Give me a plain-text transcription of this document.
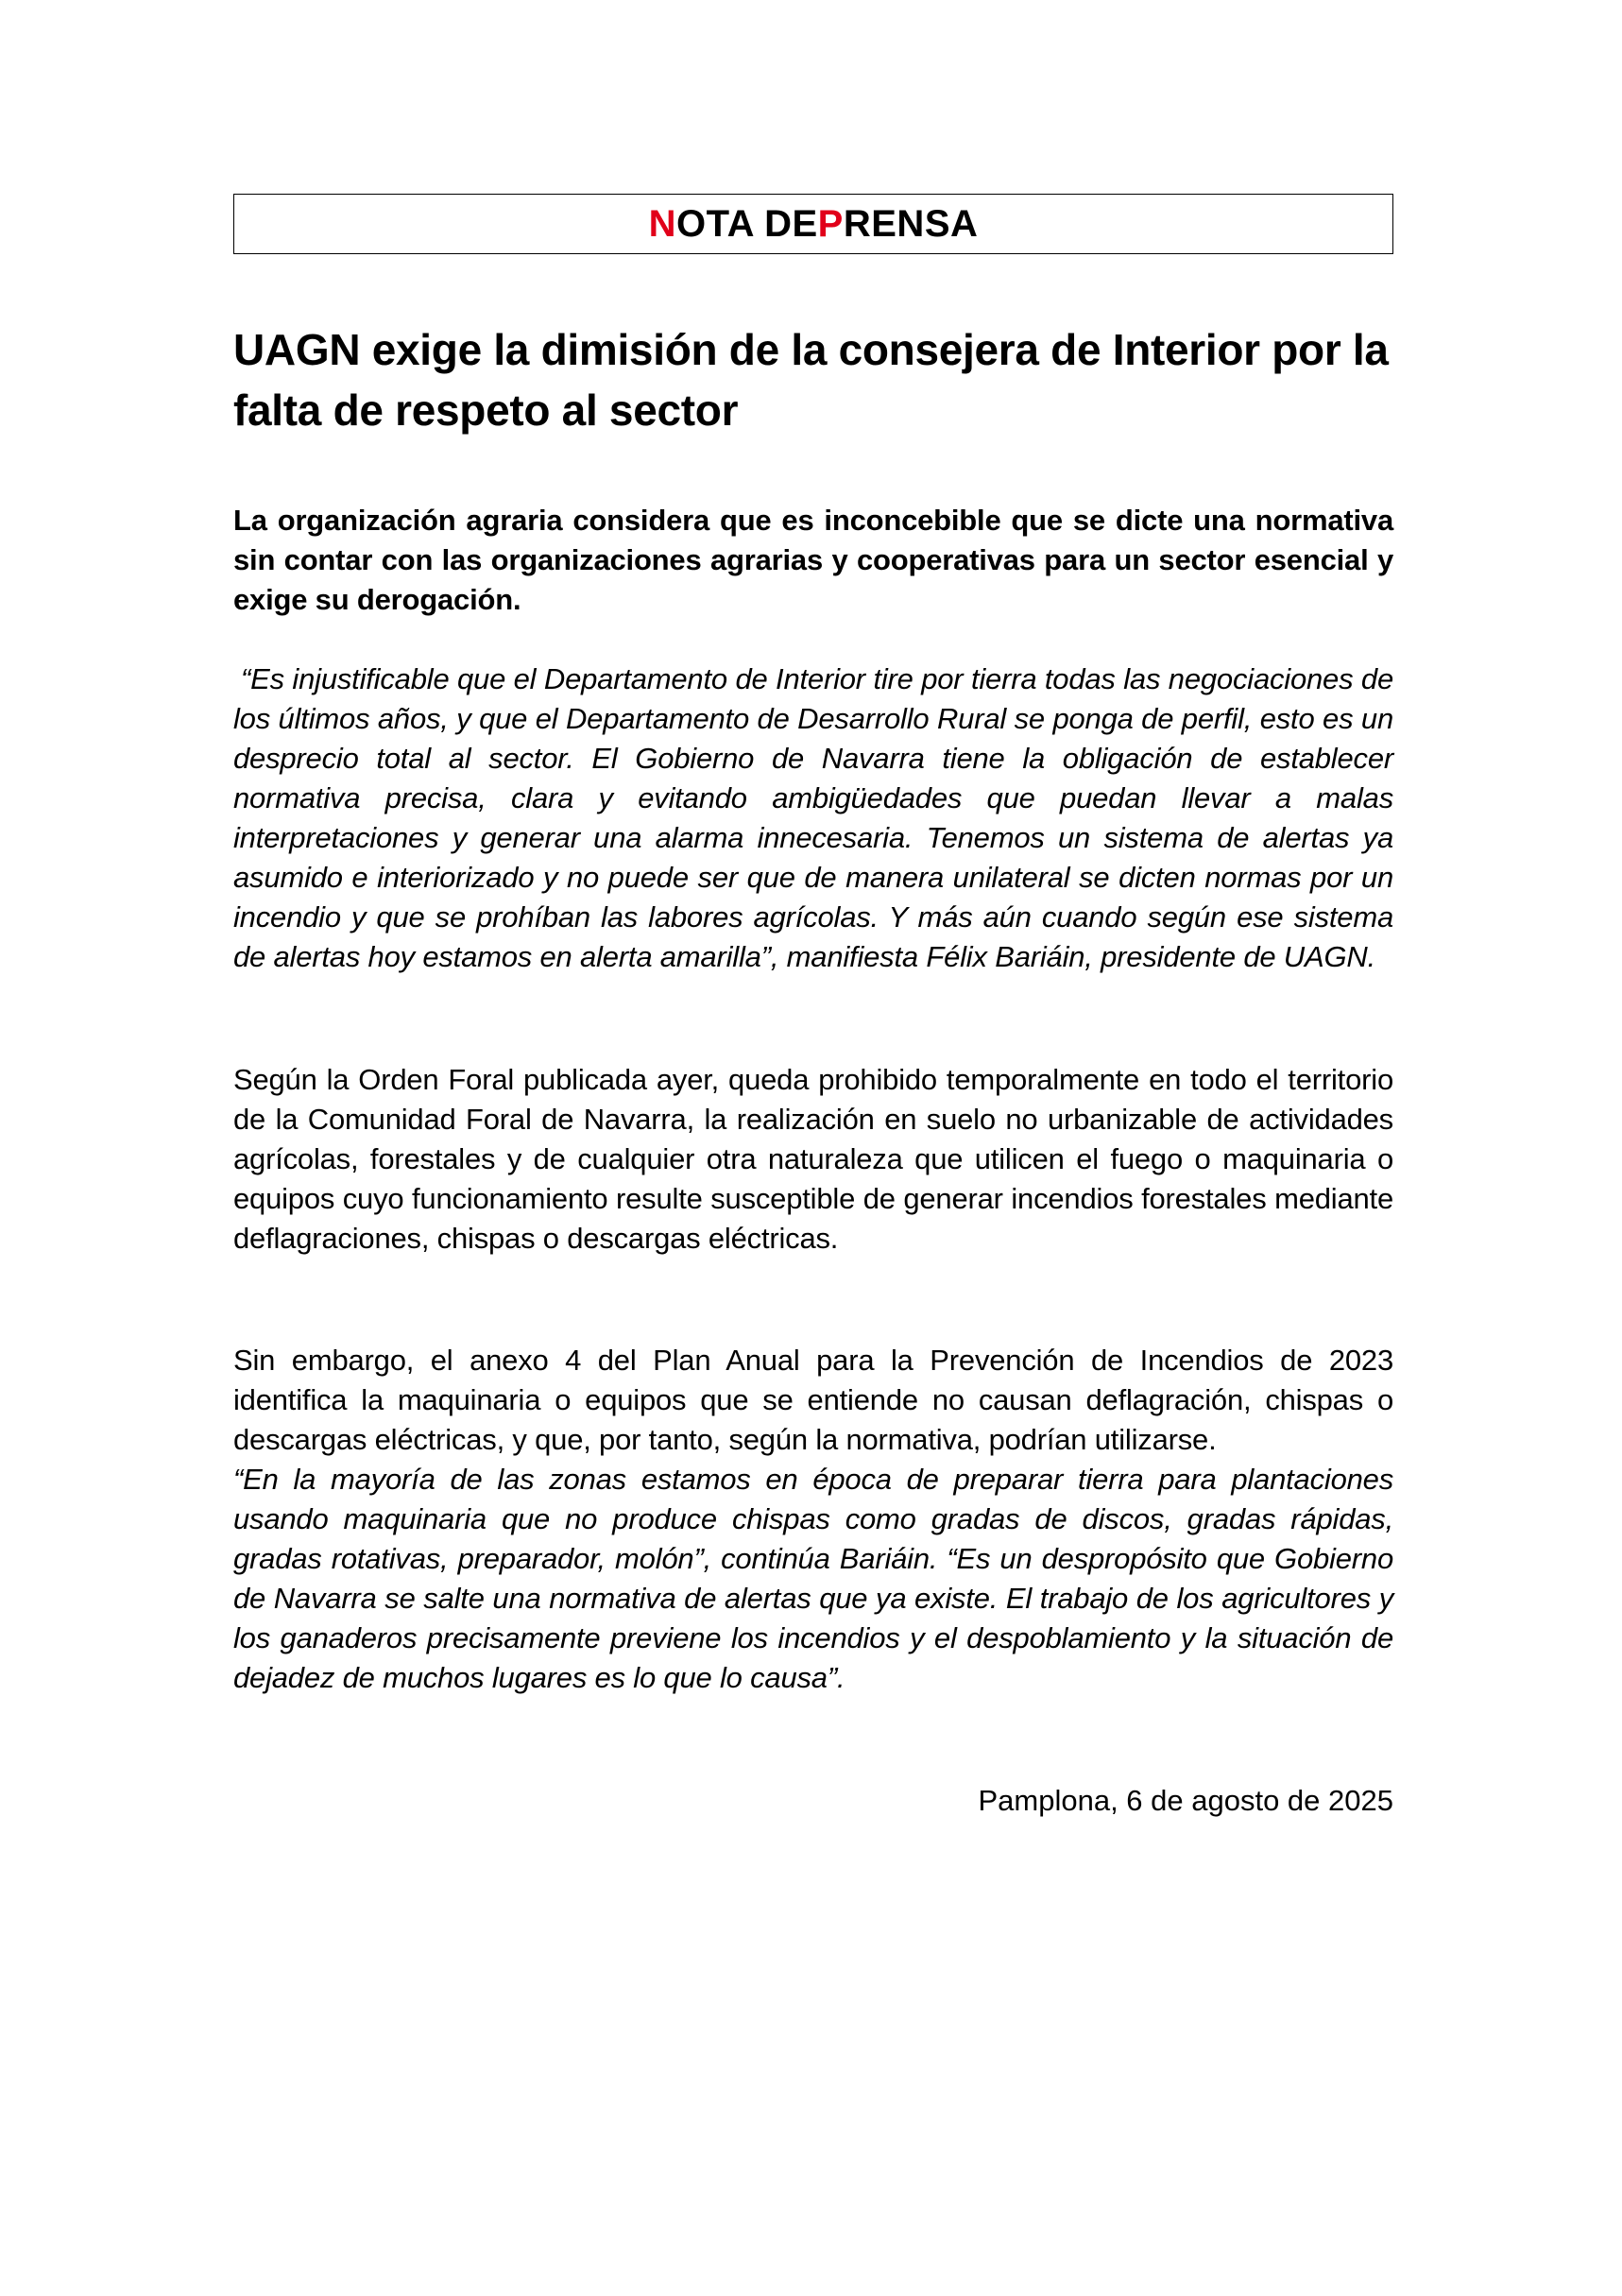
N OTA DE P RENSA
UAGN exige la dimisión de la consejera de Interior por la falta de respeto al sector
La organización agraria considera que es inconcebible que se dicte una normativa sin contar con las organizaciones agrarias y cooperativas para un sector esencial y exige su derogación.
“Es injustificable que el Departamento de Interior tire por tierra todas las negociaciones de los últimos años, y que el Departamento de Desarrollo Rural se ponga de perfil, esto es un desprecio total al sector. El Gobierno de Navarra tiene la obligación de establecer normativa precisa, clara y evitando ambigüedades que puedan llevar a malas interpretaciones y generar una alarma innecesaria. Tenemos un sistema de alertas ya asumido e interiorizado y no puede ser que de manera unilateral se dicten normas por un incendio y que se prohíban las labores agrícolas. Y más aún cuando según ese sistema de alertas hoy estamos en alerta amarilla”, manifiesta Félix Bariáin, presidente de UAGN.
Según la Orden Foral publicada ayer, queda prohibido temporalmente en todo el territorio de la Comunidad Foral de Navarra, la realización en suelo no urbanizable de actividades agrícolas, forestales y de cualquier otra naturaleza que utilicen el fuego o maquinaria o equipos cuyo funcionamiento resulte susceptible de generar incendios forestales mediante deflagraciones, chispas o descargas eléctricas.
Sin embargo, el anexo 4 del Plan Anual para la Prevención de Incendios de 2023 identifica la maquinaria o equipos que se entiende no causan deflagración, chispas o descargas eléctricas, y que, por tanto, según la normativa, podrían utilizarse.
“En la mayoría de las zonas estamos en época de preparar tierra para plantaciones usando maquinaria que no produce chispas como gradas de discos, gradas rápidas, gradas rotativas, preparador, molón”, continúa Bariáin. “Es un despropósito que Gobierno de Navarra se salte una normativa de alertas que ya existe. El trabajo de los agricultores y los ganaderos precisamente previene los incendios y el despoblamiento y la situación de dejadez de muchos lugares es lo que lo causa”.
Pamplona, 6 de agosto de 2025
